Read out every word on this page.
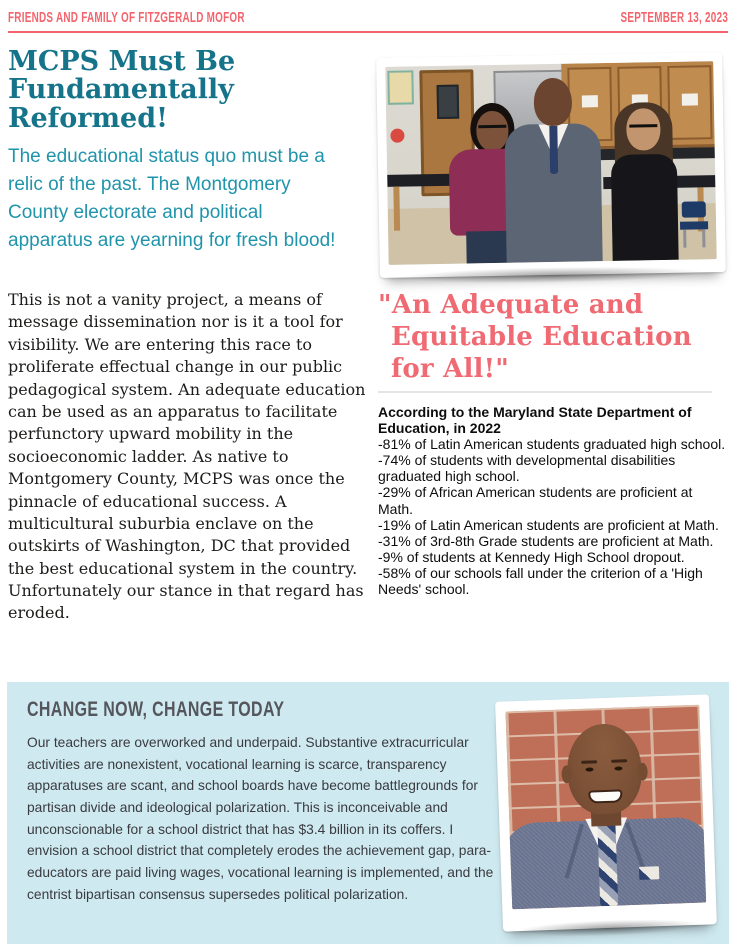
FRIENDS AND FAMILY OF FITZGERALD MOFOR	SEPTEMBER 13, 2023
MCPS Must Be Fundamentally Reformed!

The educational status quo must be a relic of the past. The Montgomery County electorate and political apparatus are yearning for fresh blood!

This is not a vanity project, a means of message dissemination nor is it a tool for visibility. We are entering this race to proliferate effectual change in our public pedagogical system. An adequate education can be used as an apparatus to facilitate perfunctory upward mobility in the socioeconomic ladder. As native to Montgomery County, MCPS was once the pinnacle of educational success. A multicultural suburbia enclave on the outskirts of Washington, DC that provided the best educational system in the country. Unfortunately our stance in that regard has eroded.

"An Adequate and
Equitable Education
for All!"
According to the Maryland State Department of Education, in 2022
-81% of Latin American students graduated high school.
-74% of students with developmental disabilities graduated high school.
-29% of African American students are proficient at Math.
-19% of Latin American students are proficient at Math.
-31% of 3rd-8th Grade students are proficient at Math.
-9% of students at Kennedy High School dropout.
-58% of our schools fall under the criterion of a 'High Needs' school.
CHANGE NOW, CHANGE TODAY

Our teachers are overworked and underpaid. Substantive extracurricular activities are nonexistent, vocational learning is scarce, transparency apparatuses are scant, and school boards have become battlegrounds for partisan divide and ideological polarization. This is inconceivable and unconscionable for a school district that has $3.4 billion in its coffers. I envision a school district that completely erodes the achievement gap, para-educators are paid living wages, vocational learning is implemented, and the centrist bipartisan consensus supersedes political polarization.
